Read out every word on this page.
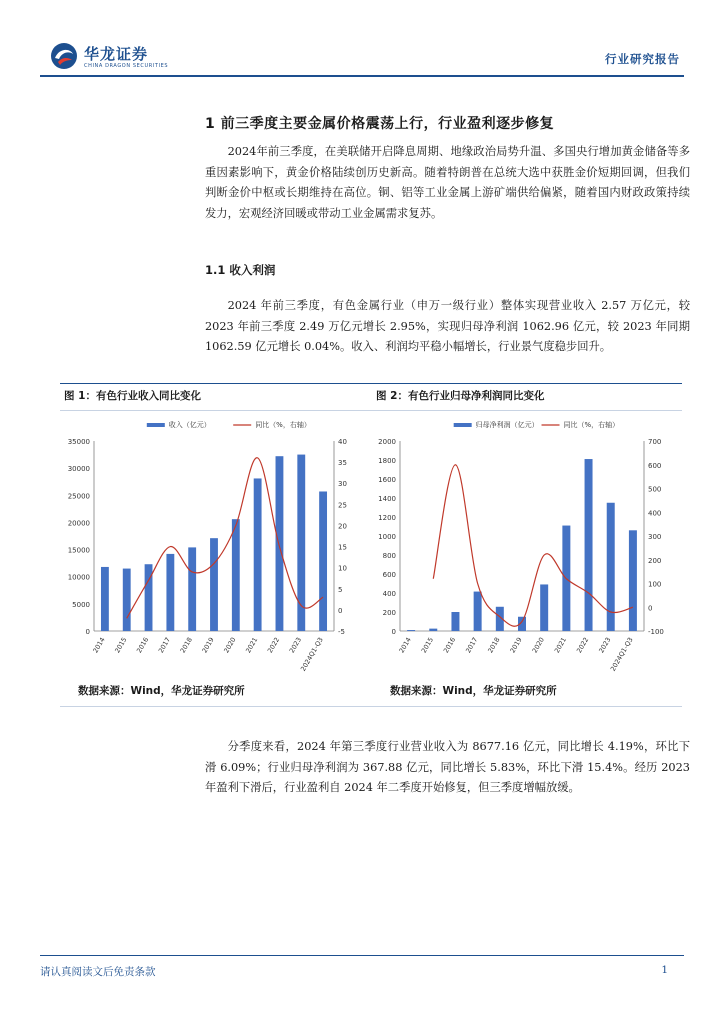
华龙证券
CHINA DRAGON SECURITIES	行业研究报告
1 前三季度主要金属价格震荡上行，行业盈利逐步修复

2024年前三季度，在美联储开启降息周期、地缘政治局势升温、多国央行增加黄金储备等多重因素影响下，黄金价格陆续创历史新高。随着特朗普在总统大选中获胜金价短期回调，但我们判断金价中枢或长期维持在高位。铜、铝等工业金属上游矿端供给偏紧，随着国内财政政策持续发力，宏观经济回暖或带动工业金属需求复苏。

1.1 收入利润

2024 年前三季度，有色金属行业（申万一级行业）整体实现营业收入 2.57 万亿元，较 2023 年前三季度 2.49 万亿元增长 2.95%，实现归母净利润 1062.96 亿元，较 2023 年同期 1062.59 亿元增长 0.04%。收入、利润均平稳小幅增长，行业景气度稳步回升。

图 1：有色行业收入同比变化	图 2：有色行业归母净利润同比变化
0
5000
10000
15000
20000
25000
30000
35000
-5
0
5
10
15
20
25
30
35
40
2014 2015 2016 2017 2018 2019 2020 2021 2022 2023
2024Q1-Q3
收入（亿元）	同比（%，右轴）
0
200
400
600
800
1000
1200
1400
1600
1800
2000
-100
0
100
200
300
400
500
600
700
2014 2015 2016 2017 2018 2019 2020 2021 2022 2023
2024Q1-Q3
归母净利润（亿元）	同比（%，右轴）
数据来源：Wind，华龙证券研究所	数据来源：Wind，华龙证券研究所

分季度来看，2024 年第三季度行业营业收入为 8677.16 亿元，同比增长 4.19%，环比下滑 6.09%；行业归母净利润为 367.88 亿元，同比增长 5.83%，环比下滑 15.4%。经历 2023 年盈利下滑后，行业盈利自 2024 年二季度开始修复，但三季度增幅放缓。

请认真阅读文后免责条款	1
